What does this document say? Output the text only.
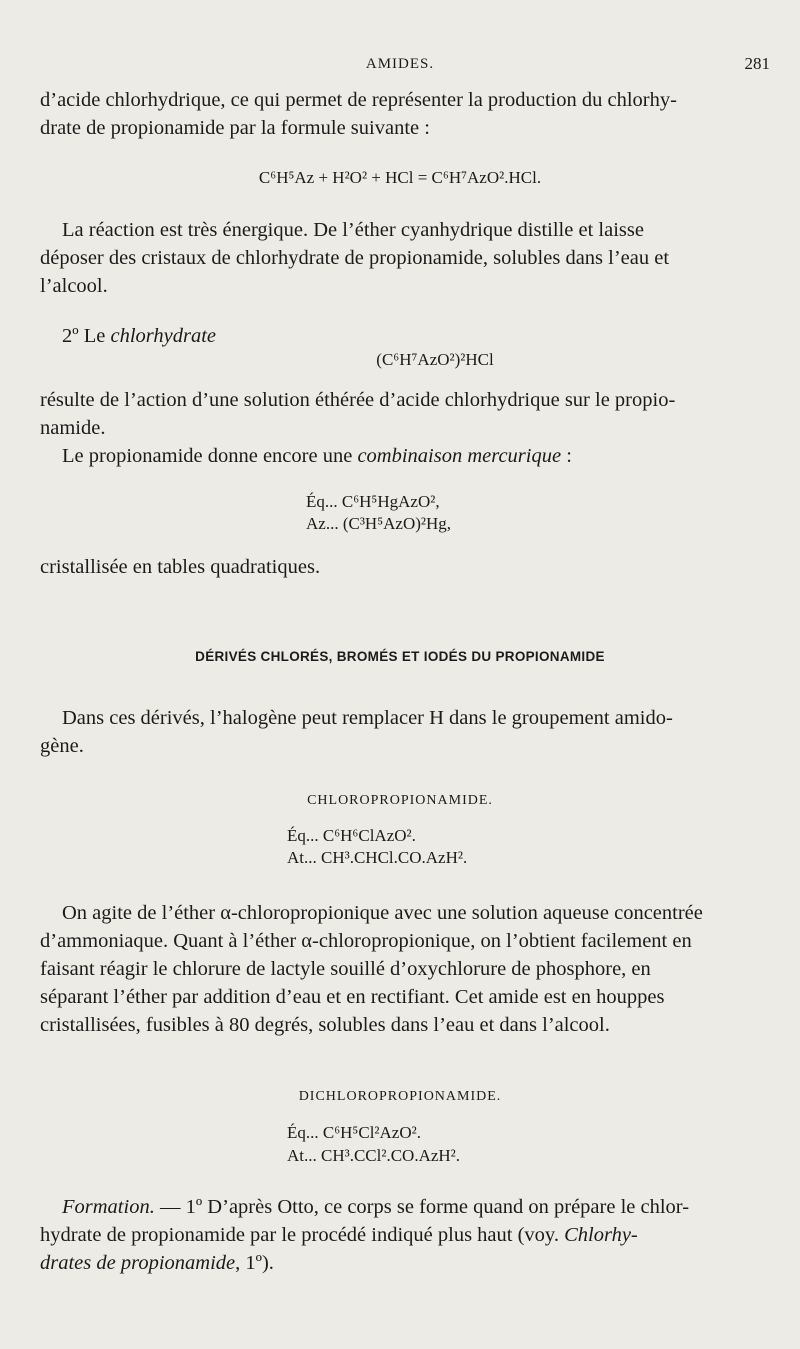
AMIDES.	281
d’acide chlorhydrique, ce qui permet de représenter la production du chlorhy-
drate de propionamide par la formule suivante :
C⁶H⁵Az + H²O² + HCl = C⁶H⁷AzO².HCl.
La réaction est très énergique. De l’éther cyanhydrique distille et laisse
déposer des cristaux de chlorhydrate de propionamide, solubles dans l’eau et
l’alcool.
2º Le chlorhydrate
(C⁶H⁷AzO²)²HCl
résulte de l’action d’une solution éthérée d’acide chlorhydrique sur le propio-
namide.
Le propionamide donne encore une combinaison mercurique :
Éq... C⁶H⁵HgAzO²,
Az... (C³H⁵AzO)²Hg,
cristallisée en tables quadratiques.
DÉRIVÉS CHLORÉS, BROMÉS ET IODÉS DU PROPIONAMIDE
Dans ces dérivés, l’halogène peut remplacer H dans le groupement amido-
gène.
CHLOROPROPIONAMIDE.
Éq... C⁶H⁶ClAzO².
At... CH³.CHCl.CO.AzH².
On agite de l’éther α-chloropropionique avec une solution aqueuse concentrée
d’ammoniaque. Quant à l’éther α-chloropropionique, on l’obtient facilement en
faisant réagir le chlorure de lactyle souillé d’oxychlorure de phosphore, en
séparant l’éther par addition d’eau et en rectifiant. Cet amide est en houppes
cristallisées, fusibles à 80 degrés, solubles dans l’eau et dans l’alcool.
DICHLOROPROPIONAMIDE.
Éq... C⁶H⁵Cl²AzO².
At... CH³.CCl².CO.AzH².
Formation. — 1º D’après Otto, ce corps se forme quand on prépare le chlor-
hydrate de propionamide par le procédé indiqué plus haut (voy. Chlorhy-
drates de propionamide, 1º).
